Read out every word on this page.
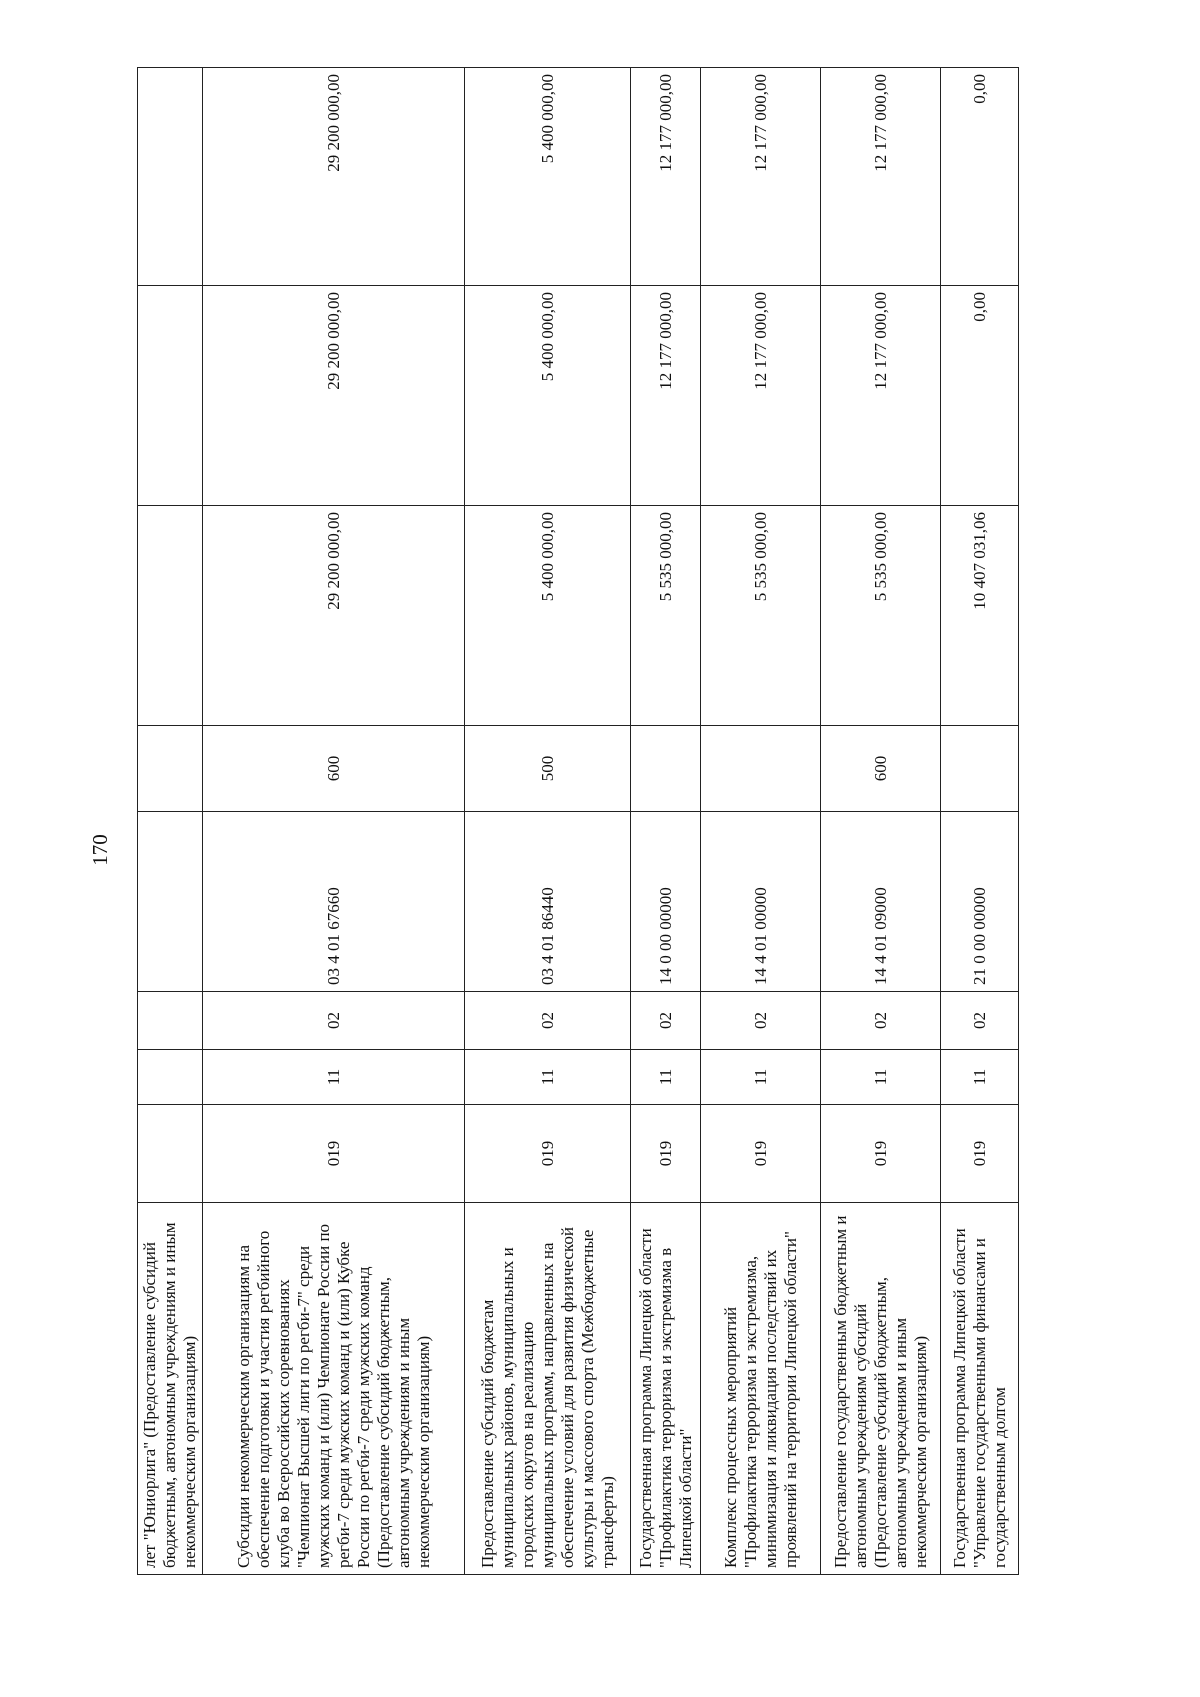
170
лет "Юниорлига" (Предоставление субсидий бюджетным, автономным учреждениям и иным некоммерческим организациям)								
Субсидии некоммерческим организациям на обеспечение подготовки и участия регбийного клуба во Всероссийских соревнованиях "Чемпионат Высшей лиги по регби-7" среди мужских команд и (или) Чемпионате России по регби-7 среди мужских команд и (или) Кубке России по регби-7 среди мужских команд (Предоставление субсидий бюджетным, автономным учреждениям и иным некоммерческим организациям)	019	11	02	03 4 01 67660	600	29 200 000,00	29 200 000,00	29 200 000,00
Предоставление субсидий бюджетам муниципальных районов, муниципальных и городских округов на реализацию муниципальных программ, направленных на обеспечение условий для развития физической культуры и массового спорта (Межбюджетные трансферты)	019	11	02	03 4 01 86440	500	5 400 000,00	5 400 000,00	5 400 000,00
Государственная программа Липецкой области "Профилактика терроризма и экстремизма в Липецкой области"	019	11	02	14 0 00 00000		5 535 000,00	12 177 000,00	12 177 000,00
Комплекс процессных мероприятий "Профилактика терроризма и экстремизма, минимизация и ликвидация последствий их проявлений на территории Липецкой области"	019	11	02	14 4 01 00000		5 535 000,00	12 177 000,00	12 177 000,00
Предоставление государственным бюджетным и автономным учреждениям субсидий (Предоставление субсидий бюджетным, автономным учреждениям и иным некоммерческим организациям)	019	11	02	14 4 01 09000	600	5 535 000,00	12 177 000,00	12 177 000,00
Государственная программа Липецкой области "Управление государственными финансами и государственным долгом	019	11	02	21 0 00 00000		10 407 031,06	0,00	0,00
